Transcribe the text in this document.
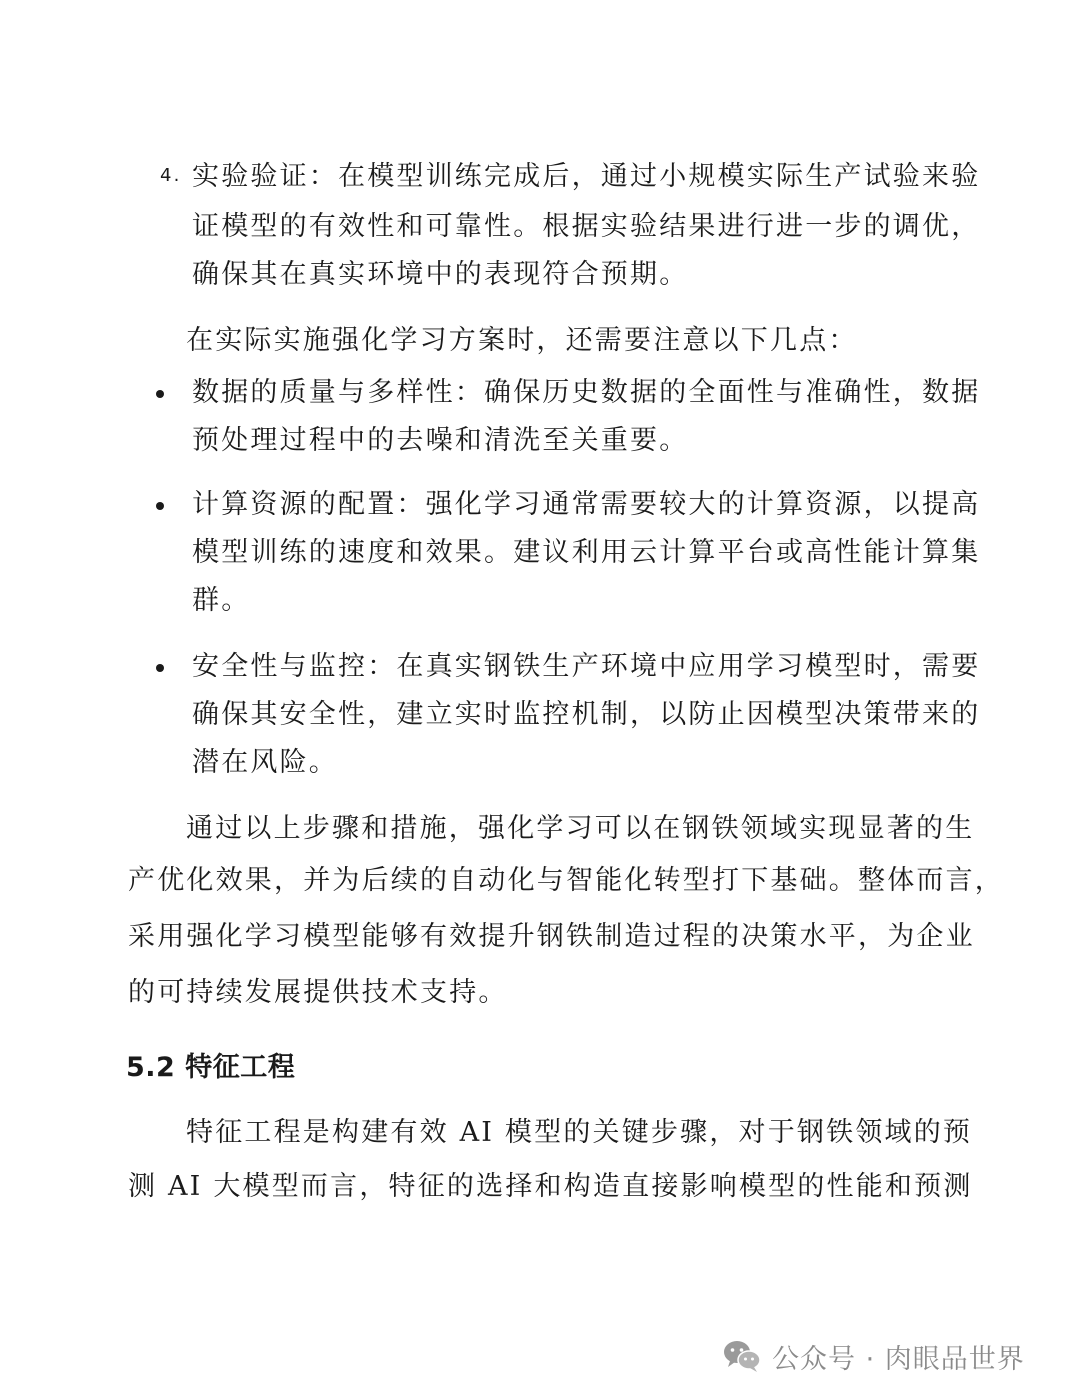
4. 实验验证：在模型训练完成后，通过小规模实际生产试验来验
证模型的有效性和可靠性。根据实验结果进行进一步的调优，
确保其在真实环境中的表现符合预期。
在实际实施强化学习方案时，还需要注意以下几点：
数据的质量与多样性：确保历史数据的全面性与准确性，数据
预处理过程中的去噪和清洗至关重要。
计算资源的配置：强化学习通常需要较大的计算资源，以提高
模型训练的速度和效果。建议利用云计算平台或高性能计算集
群。
安全性与监控：在真实钢铁生产环境中应用学习模型时，需要
确保其安全性，建立实时监控机制，以防止因模型决策带来的
潜在风险。
通过以上步骤和措施，强化学习可以在钢铁领域实现显著的生
产优化效果，并为后续的自动化与智能化转型打下基础。整体而言，
采用强化学习模型能够有效提升钢铁制造过程的决策水平，为企业
的可持续发展提供技术支持。
5.2 特征工程
特征工程是构建有效 AI 模型的关键步骤，对于钢铁领域的预
测 AI 大模型而言，特征的选择和构造直接影响模型的性能和预测
公众号 · 肉眼品世界
